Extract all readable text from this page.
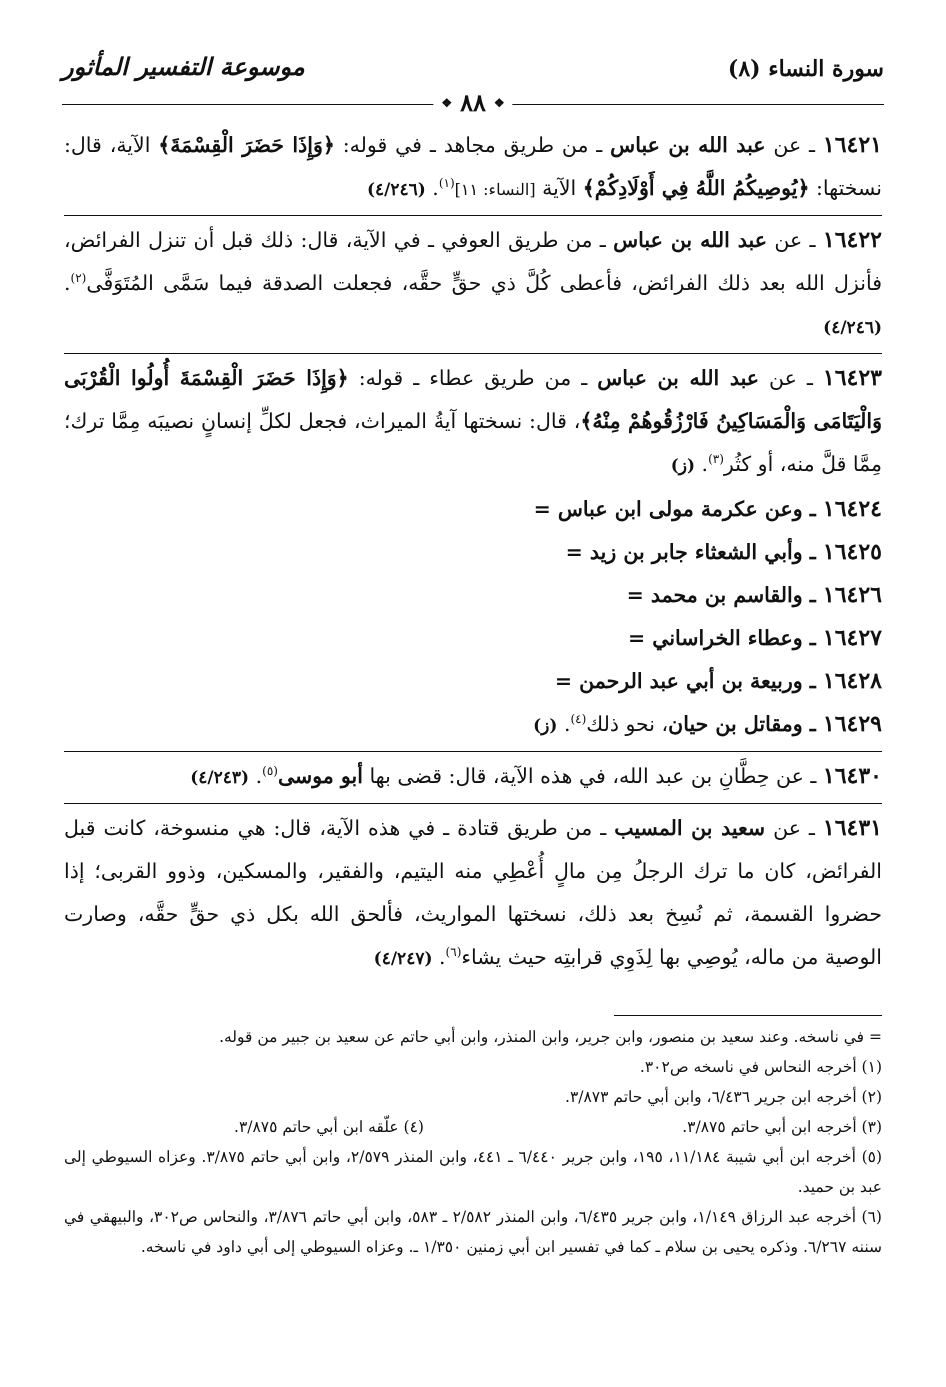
سورة النساء (٨)
موسوعة التفسير المأثور
❖ ٨٨ ❖

١٦٤٢١ ـ عن عبد الله بن عباس ـ من طريق مجاهد ـ في قوله: ﴿وَإِذَا حَضَرَ الْقِسْمَةَ﴾ الآية، قال: نسختها: ﴿يُوصِيكُمُ اللَّهُ فِي أَوْلَادِكُمْ﴾ الآية [النساء: ١١]$^{(١)}$. (٤/٢٤٦)

١٦٤٢٢ ـ عن عبد الله بن عباس ـ من طريق العوفي ـ في الآية، قال: ذلك قبل أن تنزل الفرائض، فأنزل الله بعد ذلك الفرائض، فأعطى كُلَّ ذي حقٍّ حقَّه، فجعلت الصدقة فيما سَمَّى المُتَوَفَّى$^{(٢)}$. (٤/٢٤٦)

١٦٤٢٣ ـ عن عبد الله بن عباس ـ من طريق عطاء ـ قوله: ﴿وَإِذَا حَضَرَ الْقِسْمَةَ أُولُوا الْقُرْبَى وَالْيَتَامَى وَالْمَسَاكِينُ فَارْزُقُوهُمْ مِنْهُ﴾، قال: نسختها آيةُ الميراث، فجعل لكلِّ إنسانٍ نصيبَه مِمَّا ترك؛ مِمَّا قلَّ منه، أو كثُر$^{(٣)}$. (ز)

١٦٤٢٤ ـ وعن عكرمة مولى ابن عباس =

١٦٤٢٥ ـ وأبي الشعثاء جابر بن زيد =

١٦٤٢٦ ـ والقاسم بن محمد =

١٦٤٢٧ ـ وعطاء الخراساني =

١٦٤٢٨ ـ وربيعة بن أبي عبد الرحمن =

١٦٤٢٩ ـ ومقاتل بن حيان، نحو ذلك$^{(٤)}$. (ز)

١٦٤٣٠ ـ عن حِطَّانِ بن عبد الله، في هذه الآية، قال: قضى بها أبو موسى$^{(٥)}$. (٤/٢٤٣)

١٦٤٣١ ـ عن سعيد بن المسيب ـ من طريق قتادة ـ في هذه الآية، قال: هي منسوخة، كانت قبل الفرائض، كان ما ترك الرجلُ مِن مالٍ أُعْطِي منه اليتيم، والفقير، والمسكين، وذوو القربى؛ إذا حضروا القسمة، ثم نُسِخ بعد ذلك، نسختها المواريث، فألحق الله بكل ذي حقٍّ حقَّه، وصارت الوصية من ماله، يُوصِي بها لِذَوِي قرابتِه حيث يشاء$^{(٦)}$. (٤/٢٤٧)

= في ناسخه. وعند سعيد بن منصور، وابن جرير، وابن المنذر، وابن أبي حاتم عن سعيد بن جبير من قوله.

(١) أخرجه النحاس في ناسخه ص٣٠٢.

(٢) أخرجه ابن جرير ٦/٤٣٦، وابن أبي حاتم ٣/٨٧٣.

(٣) أخرجه ابن أبي حاتم ٣/٨٧٥.
(٤) علّقه ابن أبي حاتم ٣/٨٧٥.

(٥) أخرجه ابن أبي شيبة ١١/١٨٤، ١٩٥، وابن جرير ٦/٤٤٠ ـ ٤٤١، وابن المنذر ٢/٥٧٩، وابن أبي حاتم ٣/٨٧٥. وعزاه السيوطي إلى عبد بن حميد.

(٦) أخرجه عبد الرزاق ١/١٤٩، وابن جرير ٦/٤٣٥، وابن المنذر ٢/٥٨٢ ـ ٥٨٣، وابن أبي حاتم ٣/٨٧٦، والنحاس ص٣٠٢، والبيهقي في سننه ٦/٢٦٧. وذكره يحيى بن سلام ـ كما في تفسير ابن أبي زمنين ١/٣٥٠ ـ. وعزاه السيوطي إلى أبي داود في ناسخه.
